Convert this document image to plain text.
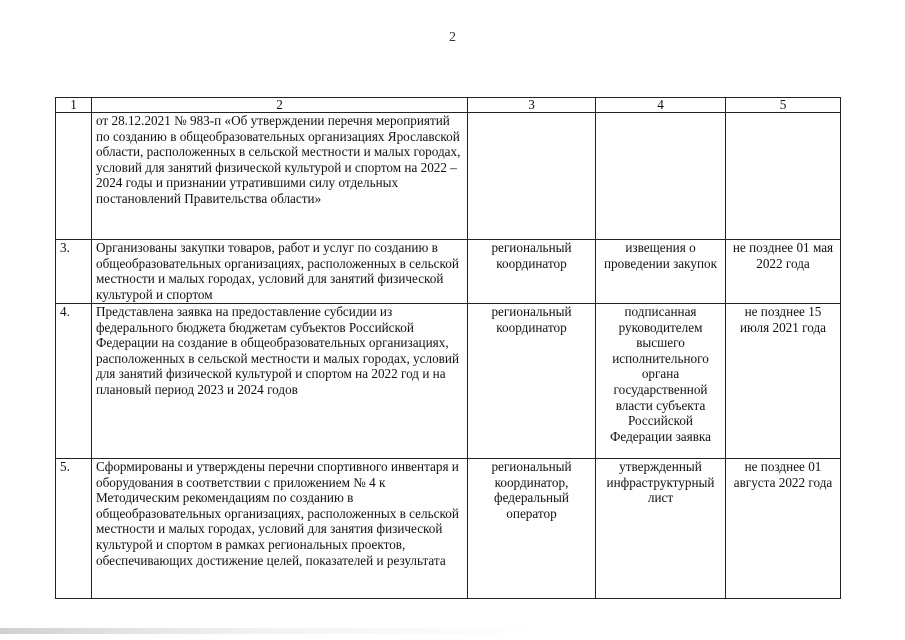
2
1	2	3	4	5
	от 28.12.2021 № 983-п «Об утверждении перечня мероприятий по созданию в общеобразовательных организациях Ярославской области, расположенных в сельской местности и малых городах, условий для занятий физической культурой и спортом на 2022 – 2024 годы и признании утратившими силу отдельных постановлений Правительства области»			
3.	Организованы закупки товаров, работ и услуг по созданию в общеобразовательных организациях, расположенных в сельской местности и малых городах, условий для занятий физической культурой и спортом	региональный координатор	извещения о проведении закупок	не позднее 01 мая 2022 года
4.	Представлена заявка на предоставление субсидии из федерального бюджета бюджетам субъектов Российской Федерации на создание в общеобразовательных организациях, расположенных в сельской местности и малых городах, условий для занятий физической культурой и спортом на 2022 год и на плановый период 2023 и 2024 годов	региональный координатор	подписанная руководителем высшего исполнительного органа государственной власти субъекта Российской Федерации заявка	не позднее 15 июля 2021 года
5.	Сформированы и утверждены перечни спортивного инвентаря и оборудования в соответствии с приложением № 4 к Методическим рекомендациям по созданию в общеобразовательных организациях, расположенных в сельской местности и малых городах, условий для занятия физической культурой и спортом в рамках региональных проектов, обеспечивающих достижение целей, показателей и результата	региональный координатор, федеральный оператор	утвержденный инфраструктурный лист	не позднее 01 августа 2022 года
